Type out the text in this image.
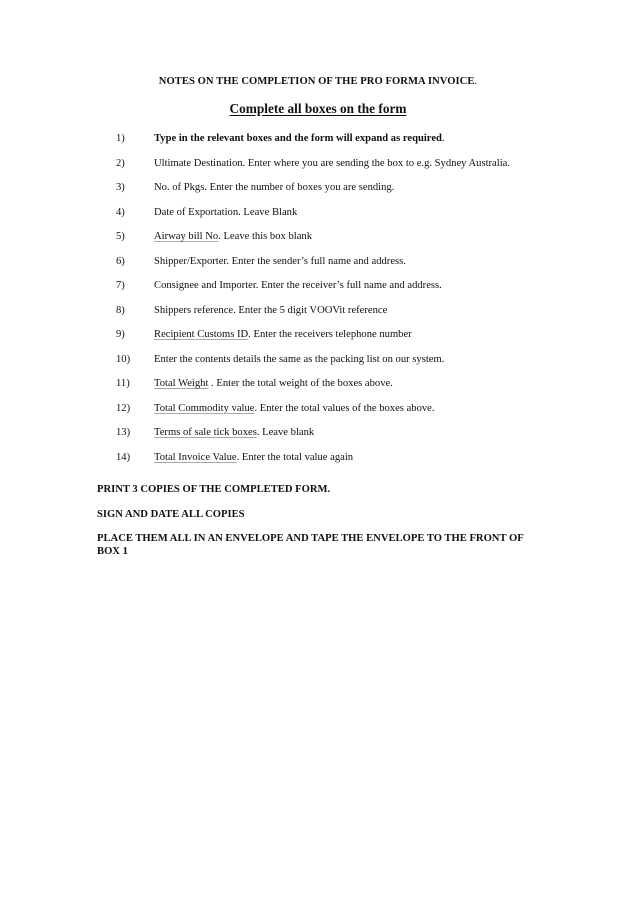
NOTES ON THE COMPLETION OF THE PRO FORMA INVOICE.
Complete all boxes on the form
1)	Type in the relevant boxes and the form will expand as required.
2)	Ultimate Destination. Enter where you are sending the box to e.g. Sydney Australia.
3)	No. of Pkgs. Enter the number of boxes you are sending.
4)	Date of Exportation. Leave Blank
5)	Airway bill No. Leave this box blank
6)	Shipper/Exporter. Enter the sender’s full name and address.
7)	Consignee and Importer. Enter the receiver’s full name and address.
8)	Shippers reference. Enter the 5 digit VOOVit reference
9)	Recipient Customs ID. Enter the receivers telephone number
10) Enter the contents details the same as the packing list on our system.
11) Total Weight . Enter the total weight of the boxes above.
12) Total Commodity value. Enter the total values of the boxes above.
13) Terms of sale tick boxes. Leave blank
14) Total Invoice Value. Enter the total value again

PRINT 3 COPIES OF THE COMPLETED FORM.

SIGN AND DATE ALL COPIES

PLACE THEM ALL IN AN ENVELOPE AND TAPE THE ENVELOPE TO THE FRONT OF BOX 1
